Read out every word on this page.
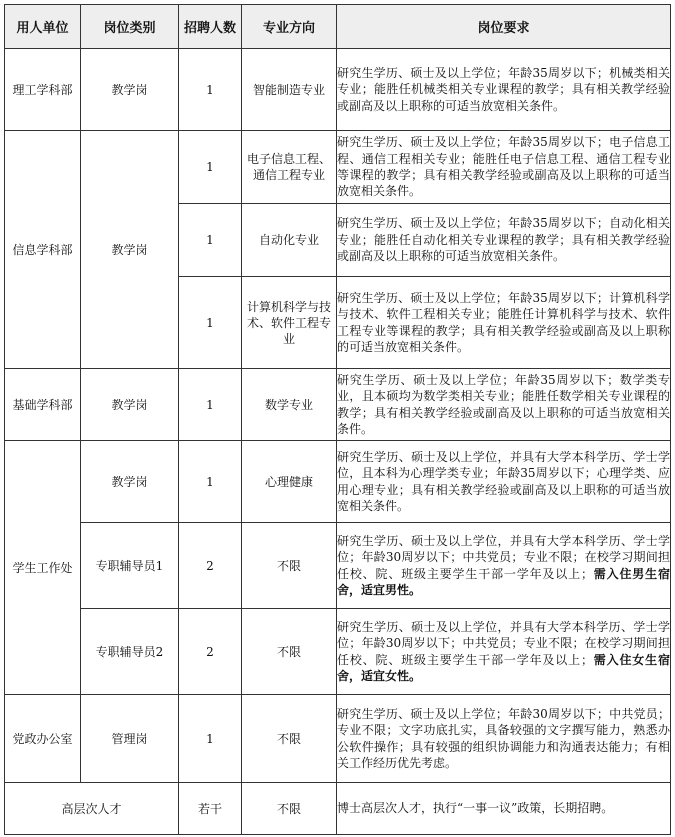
用人单位	岗位类别	招聘人数	专业方向	岗位要求
理工学科部	教学岗	1	智能制造专业	研究生学历、硕士及以上学位；年龄35周岁以下；机械类相关专业；能胜任机械类相关专业课程的教学；具有相关教学经验或副高及以上职称的可适当放宽相关条件。
信息学科部	教学岗	1	电子信息工程、通信工程专业	研究生学历、硕士及以上学位；年龄35周岁以下；电子信息工程、通信工程相关专业；能胜任电子信息工程、通信工程专业等课程的教学；具有相关教学经验或副高及以上职称的可适当放宽相关条件。
		1	自动化专业	研究生学历、硕士及以上学位；年龄35周岁以下；自动化相关专业；能胜任自动化相关专业课程的教学；具有相关教学经验或副高及以上职称的可适当放宽相关条件。
		1	计算机科学与技术、软件工程专业	研究生学历、硕士及以上学位；年龄35周岁以下；计算机科学与技术、软件工程相关专业；能胜任计算机科学与技术、软件工程专业等课程的教学；具有相关教学经验或副高及以上职称的可适当放宽相关条件。
基础学科部	教学岗	1	数学专业	研究生学历、硕士及以上学位；年龄35周岁以下；数学类专业，且本硕均为数学类相关专业；能胜任数学相关专业课程的教学；具有相关教学经验或副高及以上职称的可适当放宽相关条件。
学生工作处	教学岗	1	心理健康	研究生学历、硕士及以上学位，并具有大学本科学历、学士学位，且本科为心理学类专业；年龄35周岁以下；心理学类、应用心理专业；具有相关教学经验或副高及以上职称的可适当放宽相关条件。
	专职辅导员1	2	不限	研究生学历、硕士及以上学位，并具有大学本科学历、学士学位；年龄30周岁以下；中共党员；专业不限；在校学习期间担任校、院、班级主要学生干部一学年及以上；需入住男生宿舍，适宜男性。
	专职辅导员2	2	不限	研究生学历、硕士及以上学位，并具有大学本科学历、学士学位；年龄30周岁以下；中共党员；专业不限；在校学习期间担任校、院、班级主要学生干部一学年及以上；需入住女生宿舍，适宜女性。
党政办公室	管理岗	1	不限	研究生学历、硕士及以上学位；年龄30周岁以下；中共党员；专业不限；文字功底扎实，具备较强的文字撰写能力，熟悉办公软件操作；具有较强的组织协调能力和沟通表达能力；有相关工作经历优先考虑。
高层次人才		若干	不限	博士高层次人才，执行“一事一议”政策，长期招聘。
